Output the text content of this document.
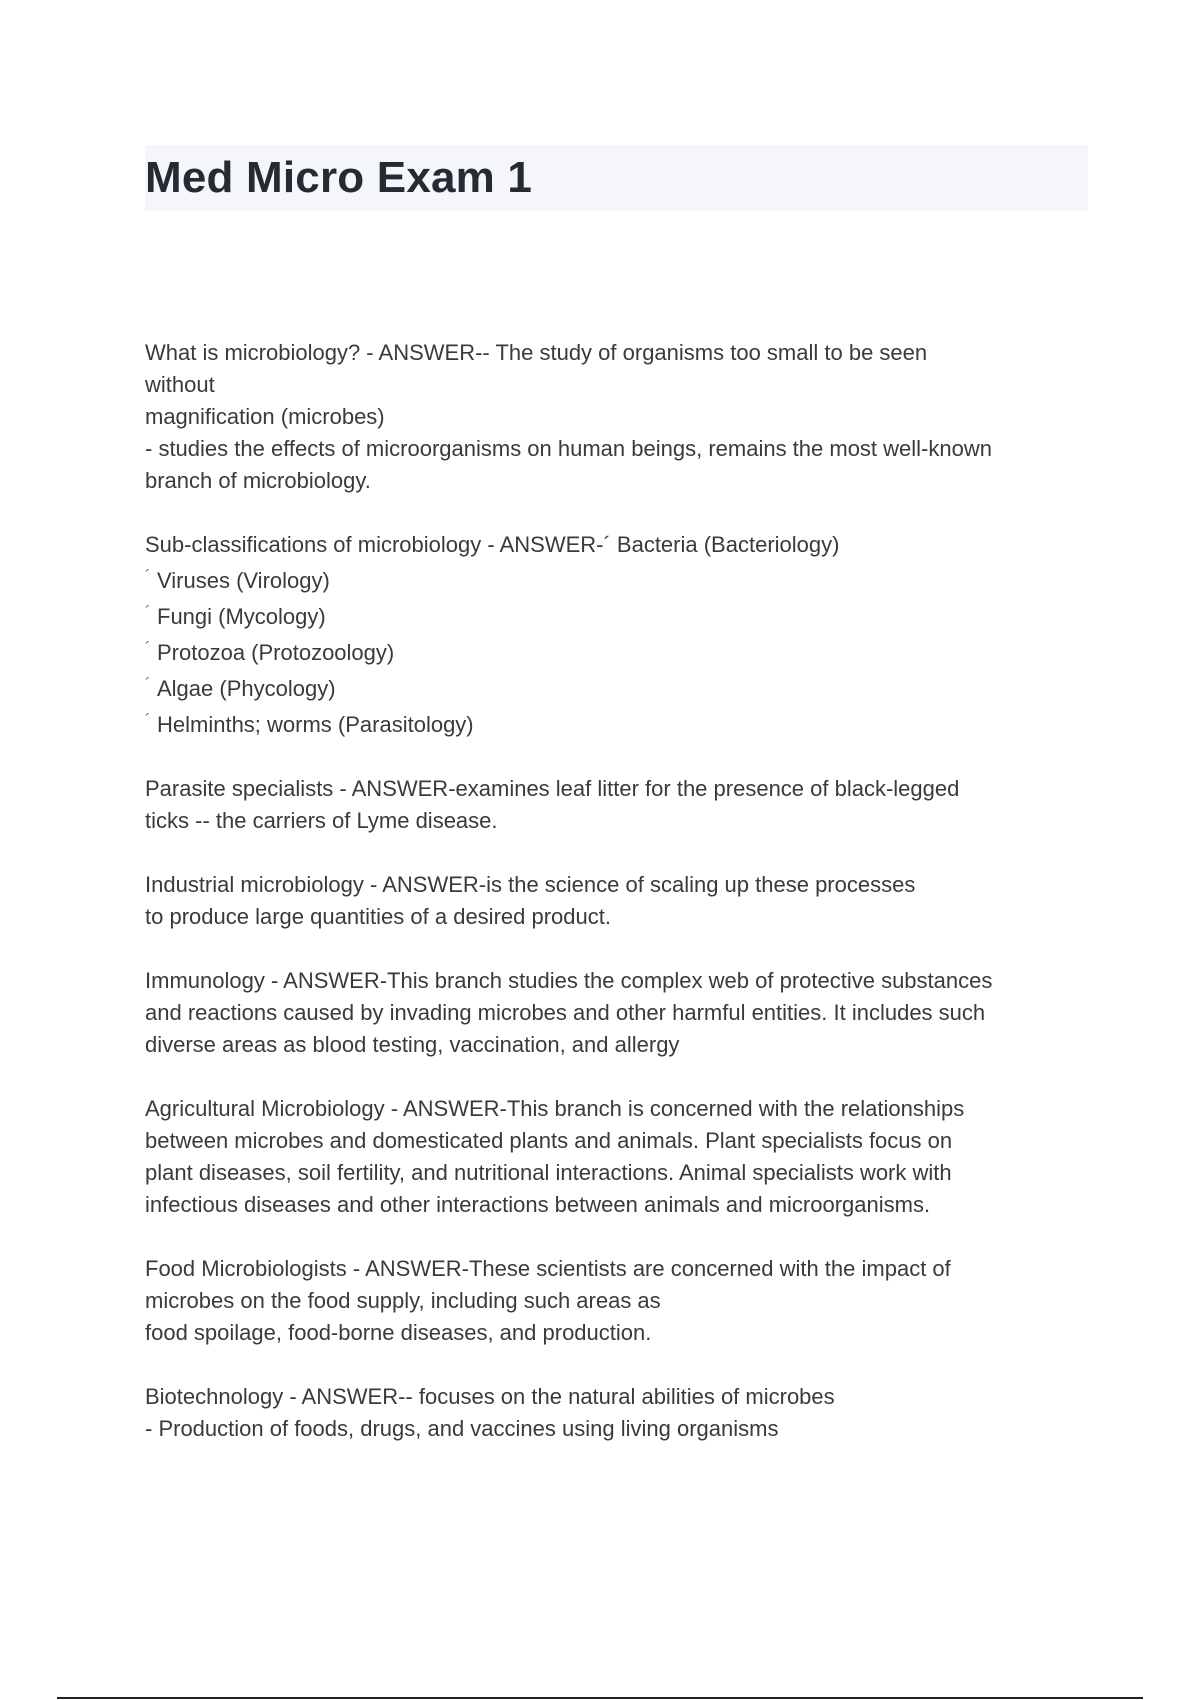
Med Micro Exam 1
What is microbiology? - ANSWER-- The study of organisms too small to be seen
without
magnification (microbes)
- studies the effects of microorganisms on human beings, remains the most well-known
branch of microbiology.
Sub-classifications of microbiology - ANSWER-´ Bacteria (Bacteriology)
´ Viruses (Virology)
´ Fungi (Mycology)
´ Protozoa (Protozoology)
´ Algae (Phycology)
´ Helminths; worms (Parasitology)
Parasite specialists - ANSWER-examines leaf litter for the presence of black-legged
ticks -- the carriers of Lyme disease.
Industrial microbiology - ANSWER-is the science of scaling up these processes
to produce large quantities of a desired product.
Immunology - ANSWER-This branch studies the complex web of protective substances
and reactions caused by invading microbes and other harmful entities. It includes such
diverse areas as blood testing, vaccination, and allergy
Agricultural Microbiology - ANSWER-This branch is concerned with the relationships
between microbes and domesticated plants and animals. Plant specialists focus on
plant diseases, soil fertility, and nutritional interactions. Animal specialists work with
infectious diseases and other interactions between animals and microorganisms.
Food Microbiologists - ANSWER-These scientists are concerned with the impact of
microbes on the food supply, including such areas as
food spoilage, food-borne diseases, and production.
Biotechnology - ANSWER-- focuses on the natural abilities of microbes
- Production of foods, drugs, and vaccines using living organisms
